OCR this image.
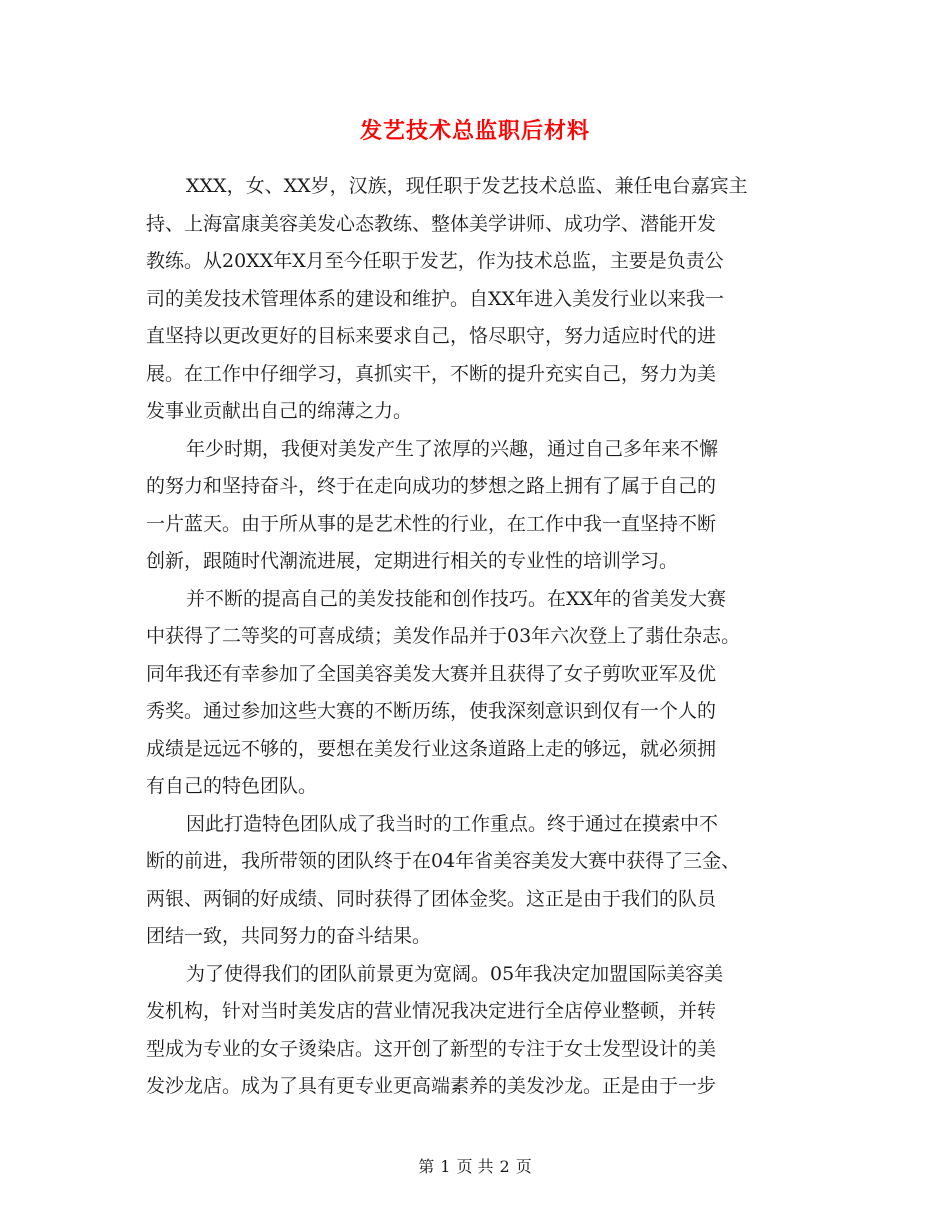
发艺技术总监职后材料
XXX，女、XX岁，汉族，现任职于发艺技术总监、兼任电台嘉宾主
持、上海富康美容美发心态教练、整体美学讲师、成功学、潜能开发
教练。从20XX年X月至今任职于发艺，作为技术总监，主要是负责公
司的美发技术管理体系的建设和维护。自XX年进入美发行业以来我一
直坚持以更改更好的目标来要求自己，恪尽职守，努力适应时代的进
展。在工作中仔细学习，真抓实干，不断的提升充实自己，努力为美
发事业贡献出自己的绵薄之力。
年少时期，我便对美发产生了浓厚的兴趣，通过自己多年来不懈
的努力和坚持奋斗，终于在走向成功的梦想之路上拥有了属于自己的
一片蓝天。由于所从事的是艺术性的行业，在工作中我一直坚持不断
创新，跟随时代潮流进展，定期进行相关的专业性的培训学习。
并不断的提高自己的美发技能和创作技巧。在XX年的省美发大赛
中获得了二等奖的可喜成绩；美发作品并于03年六次登上了翡仕杂志。
同年我还有幸参加了全国美容美发大赛并且获得了女子剪吹亚军及优
秀奖。通过参加这些大赛的不断历练，使我深刻意识到仅有一个人的
成绩是远远不够的，要想在美发行业这条道路上走的够远，就必须拥
有自己的特色团队。
因此打造特色团队成了我当时的工作重点。终于通过在摸索中不
断的前进，我所带领的团队终于在04年省美容美发大赛中获得了三金、
两银、两铜的好成绩、同时获得了团体金奖。这正是由于我们的队员
团结一致，共同努力的奋斗结果。
为了使得我们的团队前景更为宽阔。05年我决定加盟国际美容美
发机构，针对当时美发店的营业情况我决定进行全店停业整顿，并转
型成为专业的女子烫染店。这开创了新型的专注于女士发型设计的美
发沙龙店。成为了具有更专业更高端素养的美发沙龙。正是由于一步
第 1 页 共 2 页
